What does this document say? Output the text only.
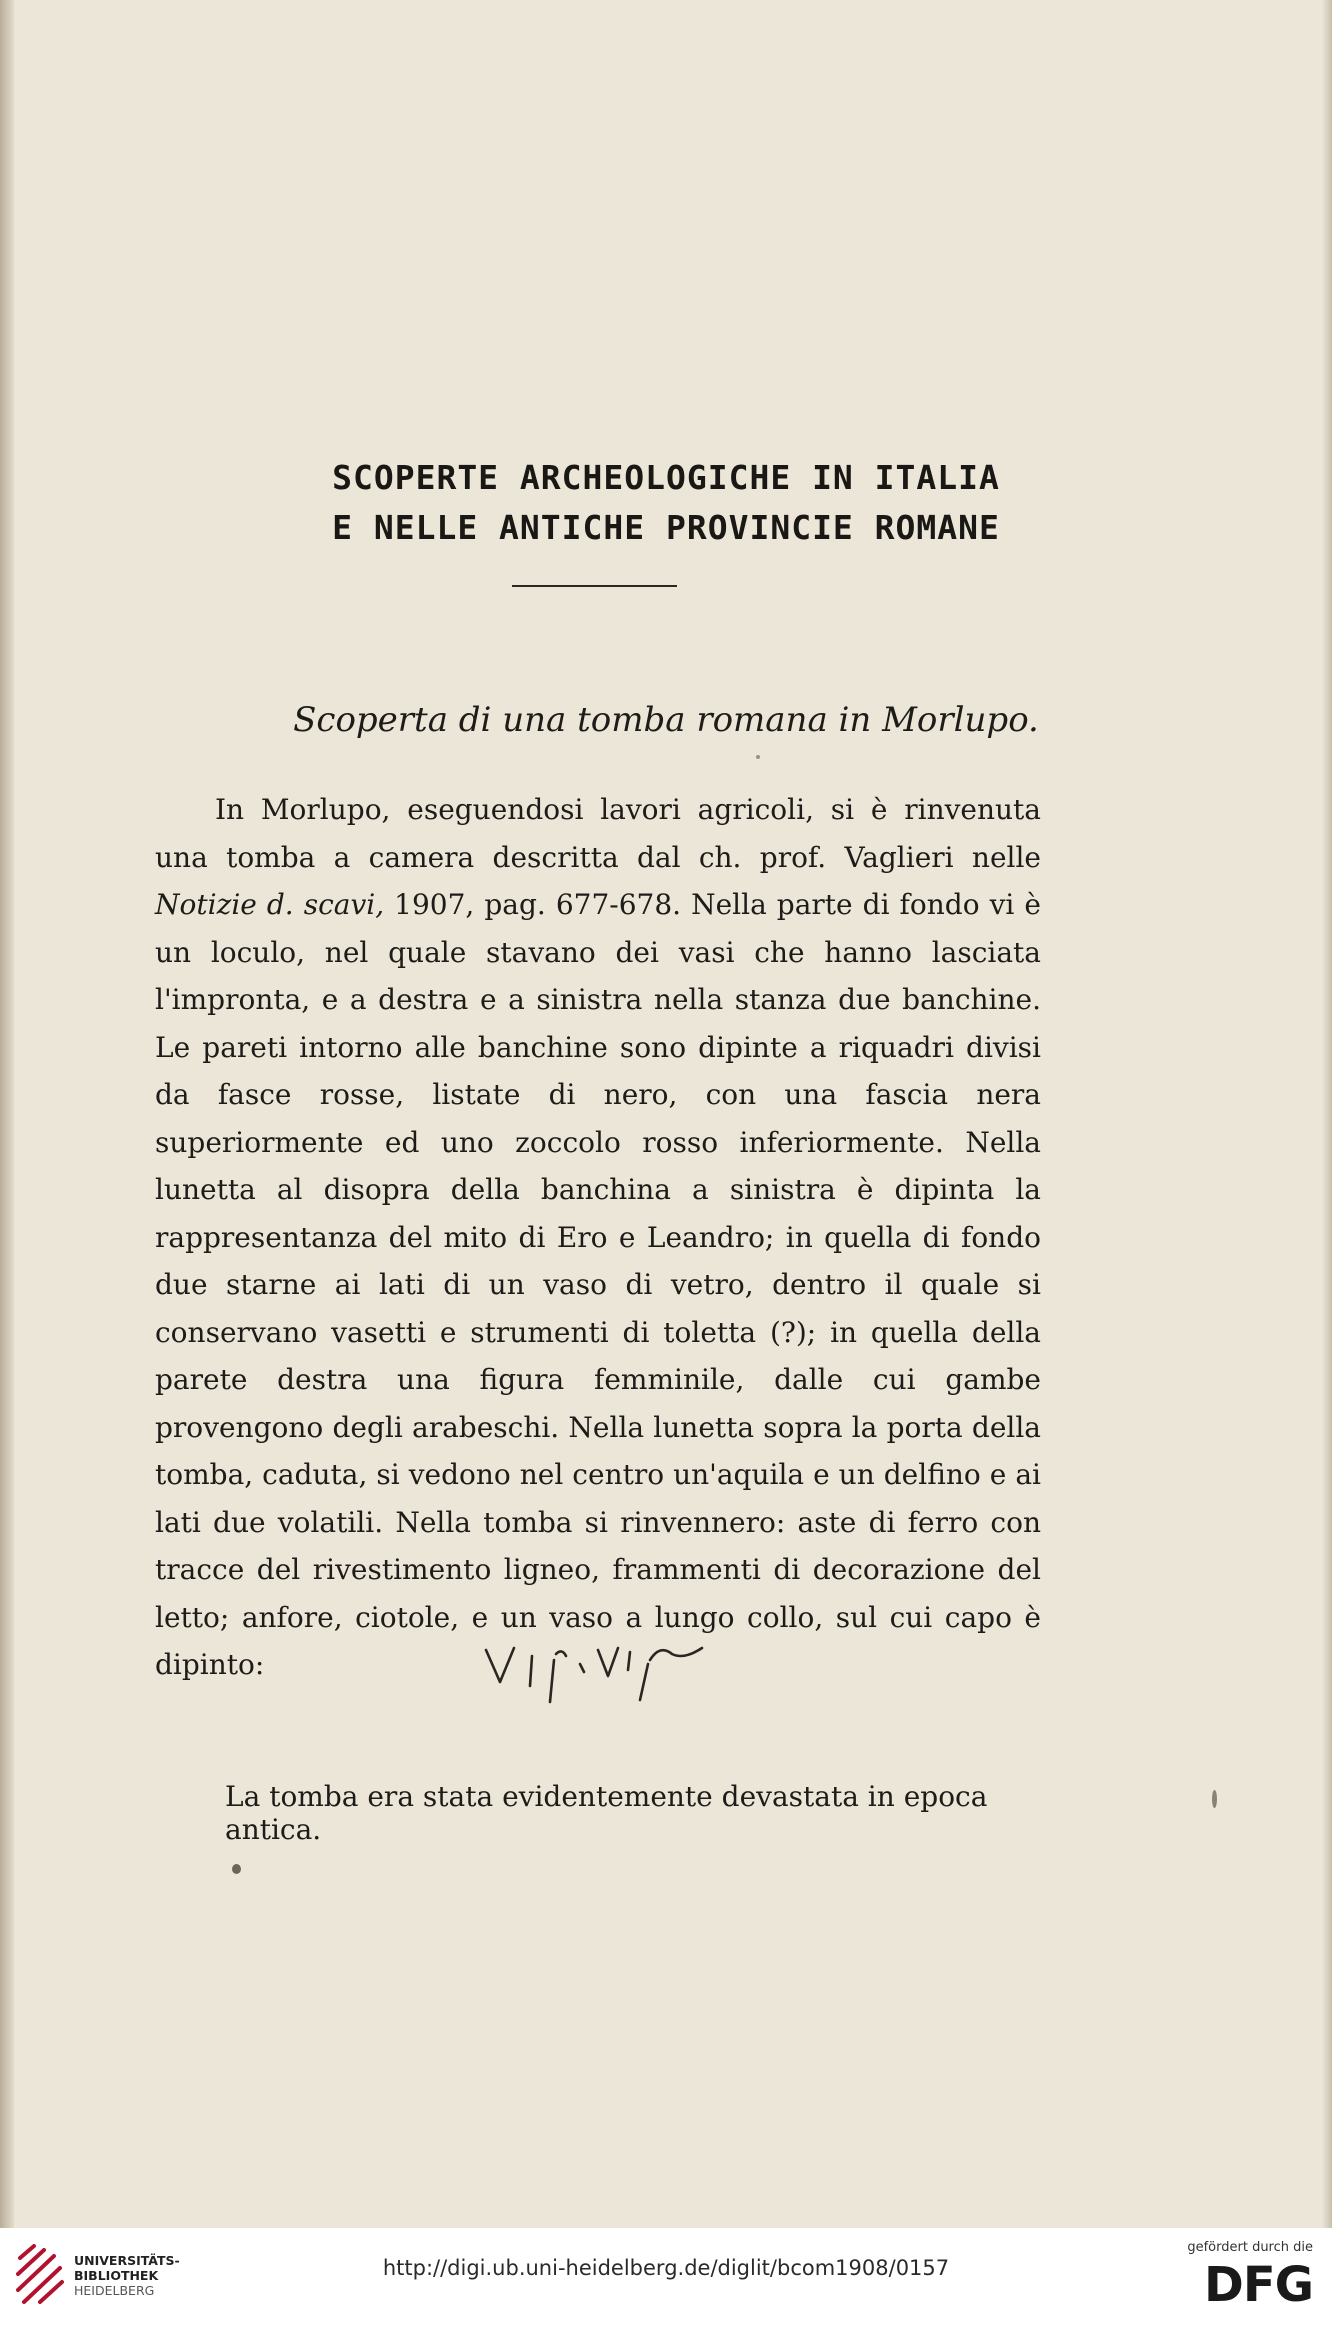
SCOPERTE ARCHEOLOGICHE IN ITALIA
E NELLE ANTICHE PROVINCIE ROMANE
Scoperta di una tomba romana in Morlupo.

In Morlupo, eseguendosi lavori agricoli, si è rinvenuta una tomba a camera descritta dal ch. prof. Vaglieri nelle Notizie d. scavi, 1907, pag. 677-678. Nella parte di fondo vi è un loculo, nel quale stavano dei vasi che hanno lasciata l'impronta, e a destra e a sinistra nella stanza due banchine. Le pareti intorno alle banchine sono dipinte a riquadri divisi da fasce rosse, listate di nero, con una fascia nera superiormente ed uno zoccolo rosso inferiormente. Nella lunetta al disopra della banchina a sinistra è dipinta la rappresentanza del mito di Ero e Leandro; in quella di fondo due starne ai lati di un vaso di vetro, dentro il quale si conservano vasetti e strumenti di toletta (?); in quella della parete destra una figura femminile, dalle cui gambe provengono degli arabeschi. Nella lunetta sopra la porta della tomba, caduta, si vedono nel centro un'aquila e un delfino e ai lati due volatili. Nella tomba si rinvennero: aste di ferro con tracce del rivestimento ligneo, frammenti di decorazione del letto; anfore, ciotole, e un vaso a lungo collo, sul cui capo è dipinto:

La tomba era stata evidentemente devastata in epoca antica.
UNIVERSITÄTS-
BIBLIOTHEK
HEIDELBERG
http://digi.ub.uni-heidelberg.de/diglit/bcom1908/0157
gefördert durch die
DFG
